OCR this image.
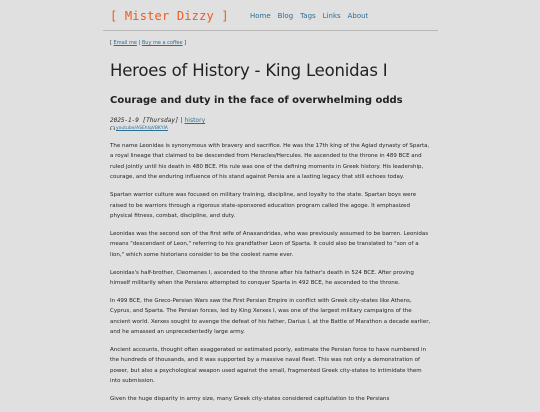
[ Mister Dizzy ]	Home Blog Tags Links About

[ Email me | Buy me a coffee ]

Heroes of History - King Leonidas I
Courage and duty in the face of overwhelming odds
2025-1-9 [Thursday] | history
youtube/ASEhlqVBKYIA

The name Leonidas is synonymous with bravery and sacrifice. He was the 17th king of the Agiad dynasty of Sparta, a royal lineage that claimed to be descended from Heracles/Hercules. He ascended to the throne in 489 BCE and ruled jointly until his death in 480 BCE. His rule was one of the defining moments in Greek history. His leadership, courage, and the enduring influence of his stand against Persia are a lasting legacy that still echoes today.

Spartan warrior culture was focused on military training, discipline, and loyalty to the state. Spartan boys were raised to be warriors through a rigorous state-sponsored education program called the agoge. It emphasized physical fitness, combat, discipline, and duty.

Leonidas was the second son of the first wife of Anaxandridas, who was previously assumed to be barren. Leonidas means "descendant of Leon," referring to his grandfather Leon of Sparta. It could also be translated to "son of a lion," which some historians consider to be the coolest name ever.

Leonidas's half-brother, Cleomenes I, ascended to the throne after his father's death in 524 BCE. After proving himself militarily when the Persians attempted to conquer Sparta in 492 BCE, he ascended to the throne.

In 499 BCE, the Greco-Persian Wars saw the First Persian Empire in conflict with Greek city-states like Athens, Cyprus, and Sparta. The Persian forces, led by King Xerxes I, was one of the largest military campaigns of the ancient world. Xerxes sought to avenge the defeat of his father, Darius I, at the Battle of Marathon a decade earlier, and he amassed an unprecedentedly large army.

Ancient accounts, thought often exaggerated or estimated poorly, estimate the Persian force to have numbered in the hundreds of thousands, and it was supported by a massive naval fleet. This was not only a demonstration of power, but also a psychological weapon used against the small, fragmented Greek city-states to intimidate them into submission.

Given the huge disparity in army size, many Greek city-states considered capitulation to the Persians
